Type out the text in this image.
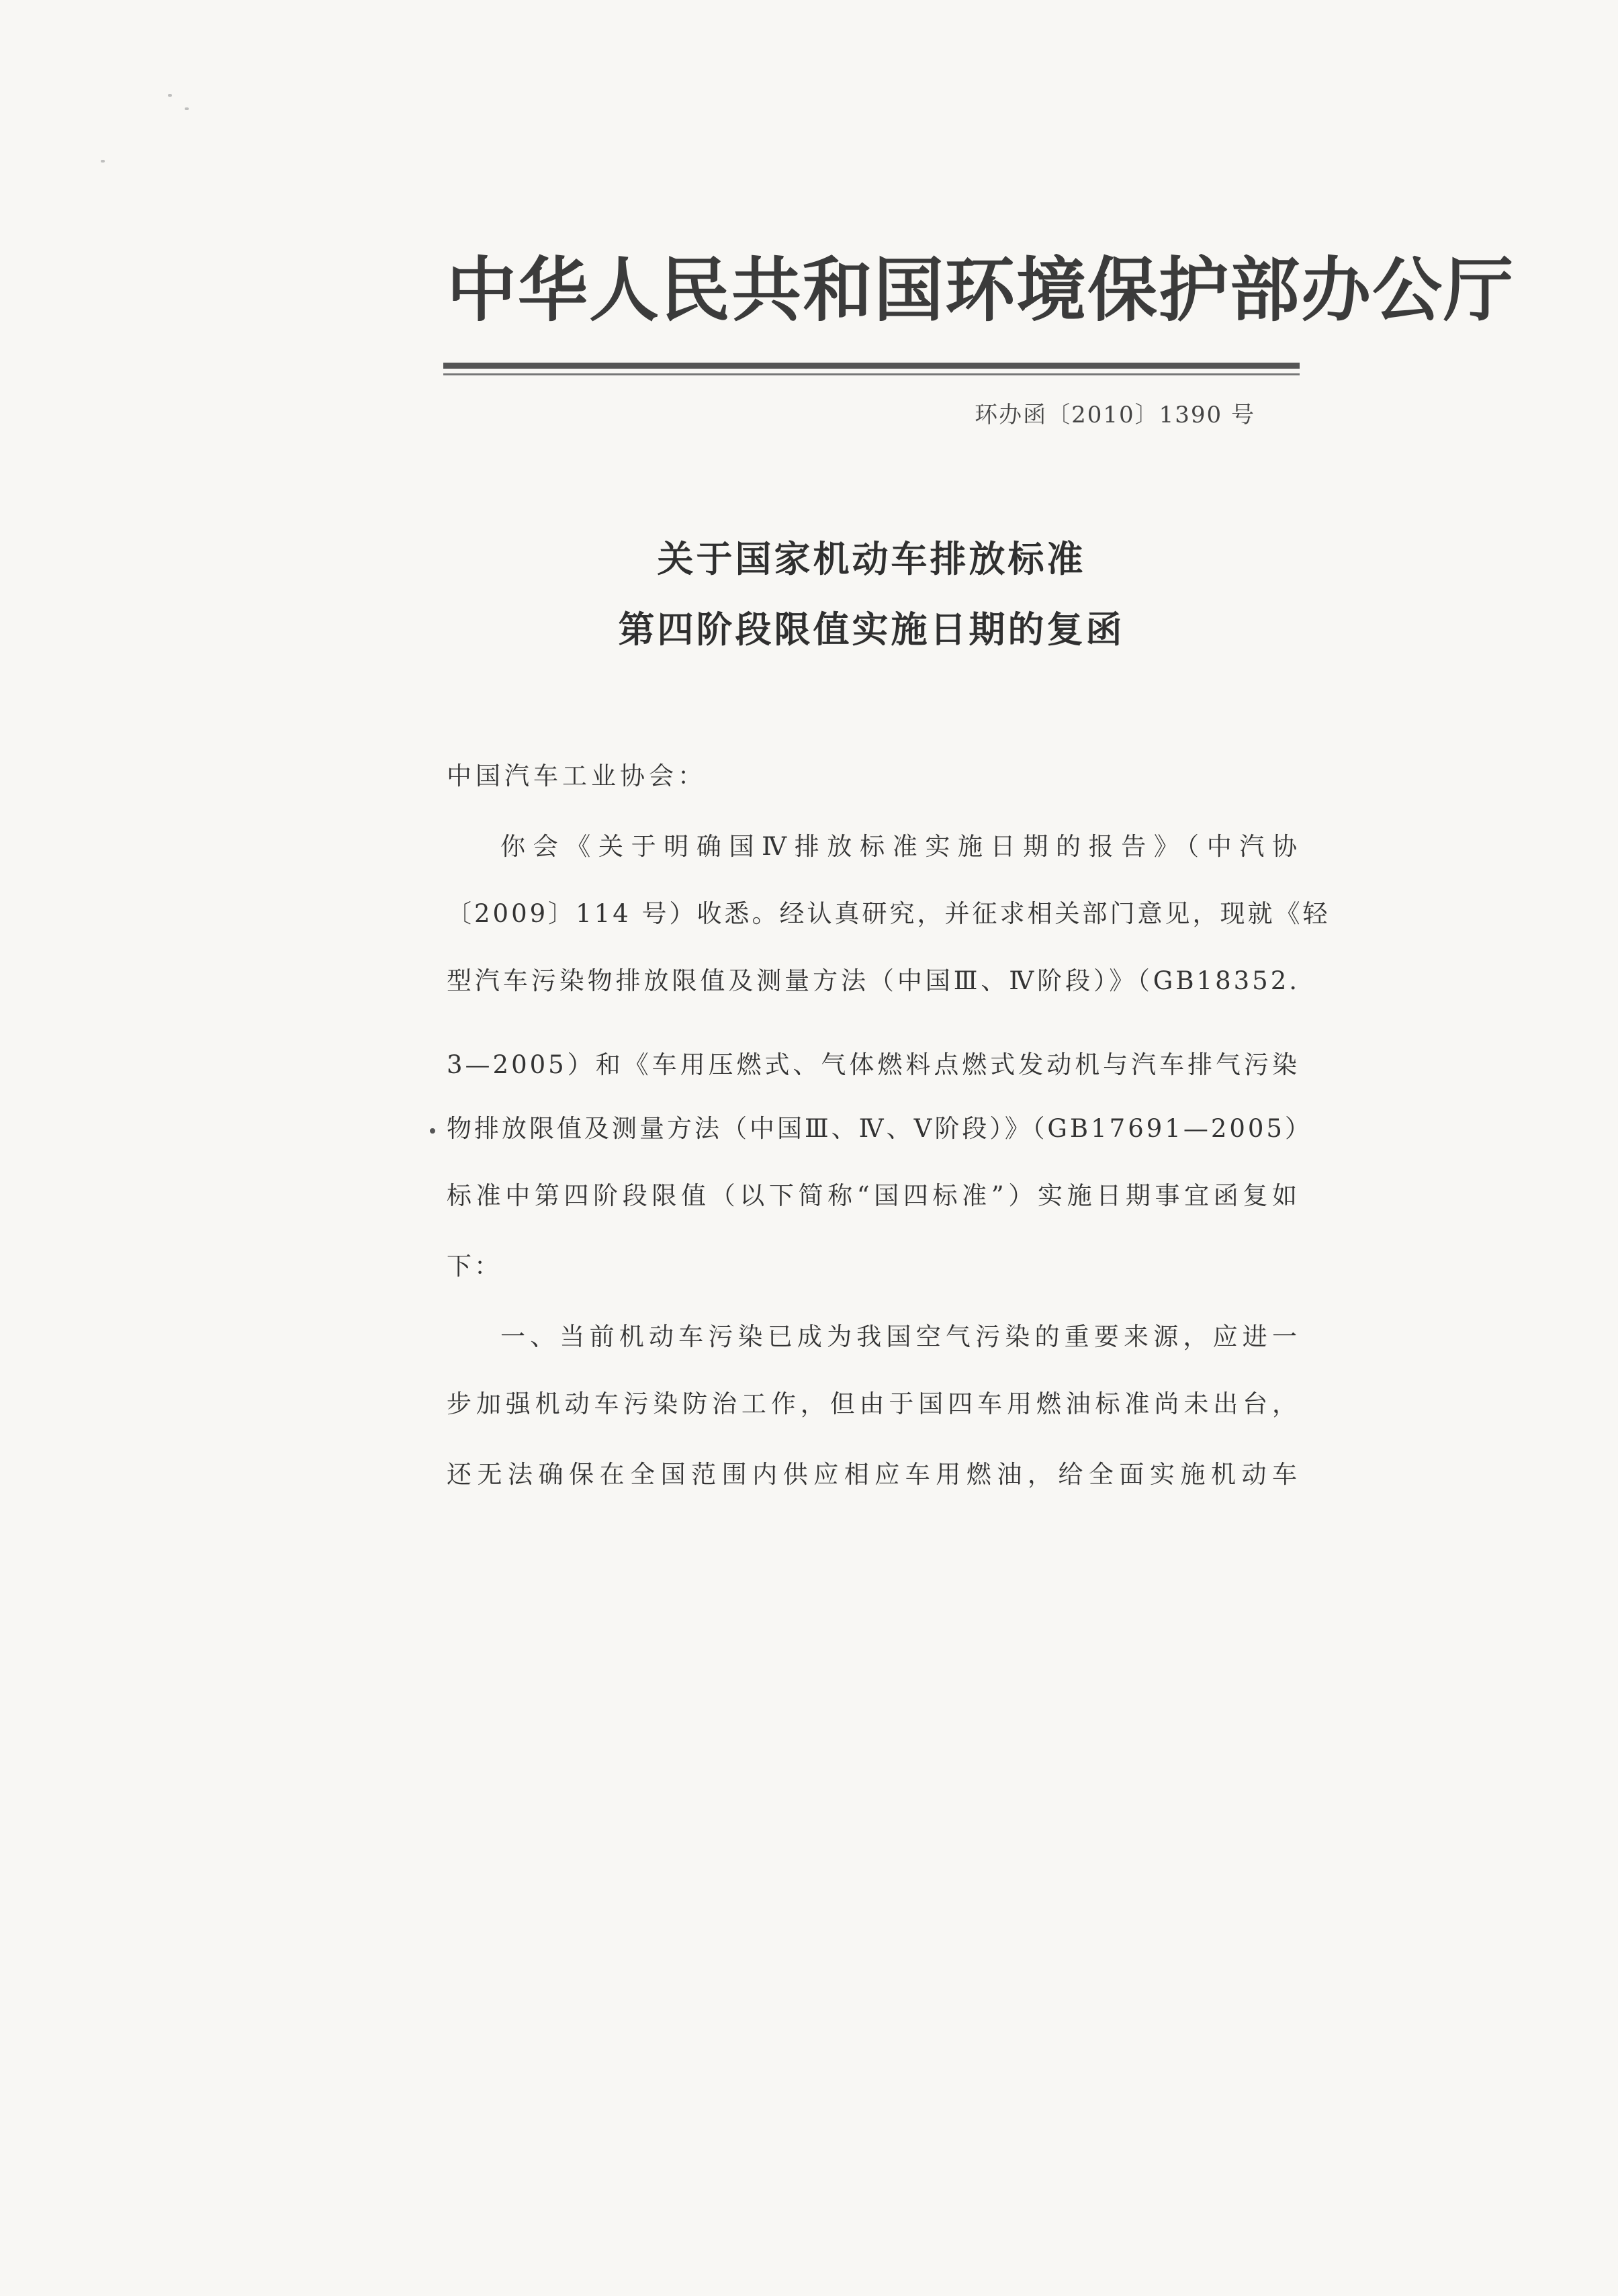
中华人民共和国环境保护部办公厅
环办函〔2010〕1390 号
关于国家机动车排放标准
第四阶段限值实施日期的复函
中国汽车工业协会：
你会《关于明确国Ⅳ排放标准实施日期的报告》（中汽协
〔2009〕114 号）收悉。经认真研究，并征求相关部门意见，现就《轻
型汽车污染物排放限值及测量方法（中国Ⅲ、Ⅳ阶段）》（GB18352.
3—2005）和《车用压燃式、气体燃料点燃式发动机与汽车排气污染
物排放限值及测量方法（中国Ⅲ、Ⅳ、Ⅴ阶段）》（GB17691—2005）
标准中第四阶段限值（以下简称“国四标准”）实施日期事宜函复如
下：
一、当前机动车污染已成为我国空气污染的重要来源，应进一
步加强机动车污染防治工作，但由于国四车用燃油标准尚未出台，
还无法确保在全国范围内供应相应车用燃油，给全面实施机动车
